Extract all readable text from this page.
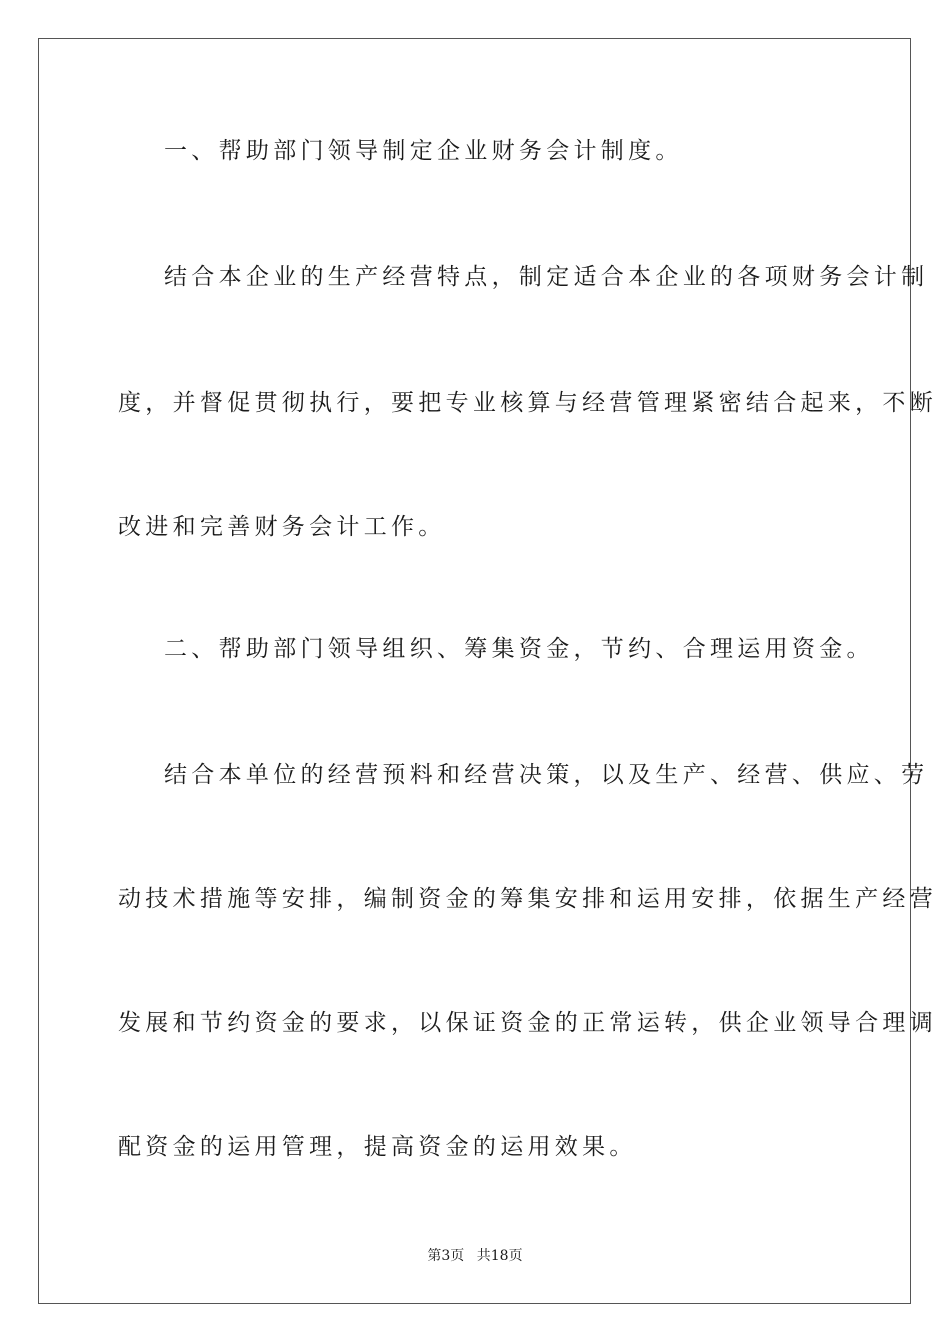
一、帮助部门领导制定企业财务会计制度。
结合本企业的生产经营特点，制定适合本企业的各项财务会计制
度，并督促贯彻执行，要把专业核算与经营管理紧密结合起来，不断
改进和完善财务会计工作。
二、帮助部门领导组织、筹集资金，节约、合理运用资金。
结合本单位的经营预料和经营决策，以及生产、经营、供应、劳
动技术措施等安排，编制资金的筹集安排和运用安排，依据生产经营
发展和节约资金的要求，以保证资金的正常运转，供企业领导合理调
配资金的运用管理，提高资金的运用效果。
第3页 共18页
